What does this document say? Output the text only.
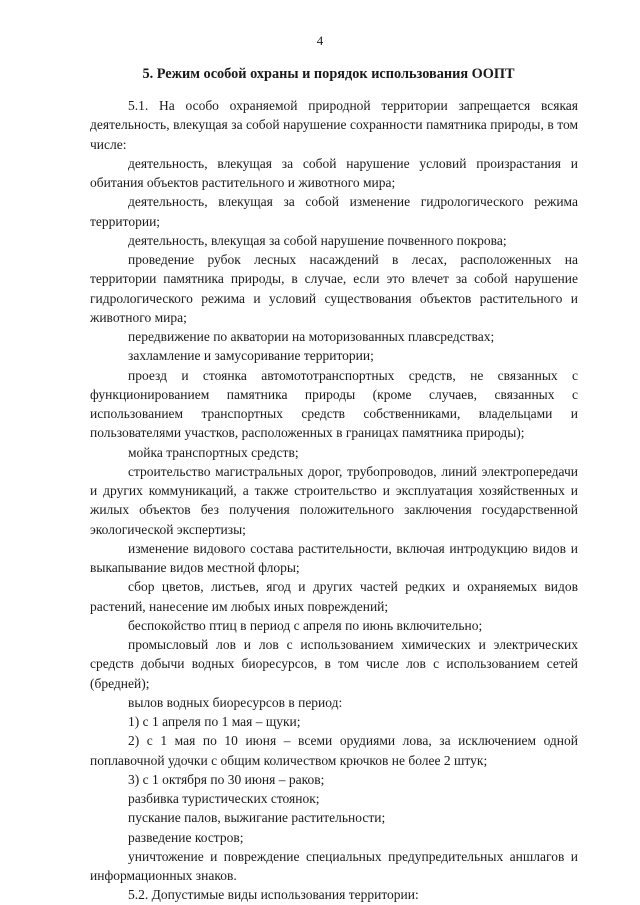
4
5. Режим особой охраны и порядок использования ООПТ

5.1. На особо охраняемой природной территории запрещается всякая деятельность, влекущая за собой нарушение сохранности памятника природы, в том числе:

деятельность, влекущая за собой нарушение условий произрастания и обитания объектов растительного и животного мира;

деятельность, влекущая за собой изменение гидрологического режима территории;

деятельность, влекущая за собой нарушение почвенного покрова;

проведение рубок лесных насаждений в лесах, расположенных на территории памятника природы, в случае, если это влечет за собой нарушение гидрологического режима и условий существования объектов растительного и животного мира;

передвижение по акватории на моторизованных плавсредствах;

захламление и замусоривание территории;

проезд и стоянка автомототранспортных средств, не связанных с функционированием памятника природы (кроме случаев, связанных с использованием транспортных средств собственниками, владельцами и пользователями участков, расположенных в границах памятника природы);

мойка транспортных средств;

строительство магистральных дорог, трубопроводов, линий электропередачи и других коммуникаций, а также строительство и эксплуатация хозяйственных и жилых объектов без получения положительного заключения государственной экологической экспертизы;

изменение видового состава растительности, включая интродукцию видов и выкапывание видов местной флоры;

сбор цветов, листьев, ягод и других частей редких и охраняемых видов растений, нанесение им любых иных повреждений;

беспокойство птиц в период с апреля по июнь включительно;

промысловый лов и лов с использованием химических и электрических средств добычи водных биоресурсов, в том числе лов с использованием сетей (бредней);

вылов водных биоресурсов в период:

1) с 1 апреля по 1 мая – щуки;

2) с 1 мая по 10 июня – всеми орудиями лова, за исключением одной поплавочной удочки с общим количеством крючков не более 2 штук;

3) с 1 октября по 30 июня – раков;

разбивка туристических стоянок;

пускание палов, выжигание растительности;

разведение костров;

уничтожение и повреждение специальных предупредительных аншлагов и информационных знаков.

5.2. Допустимые виды использования территории:
